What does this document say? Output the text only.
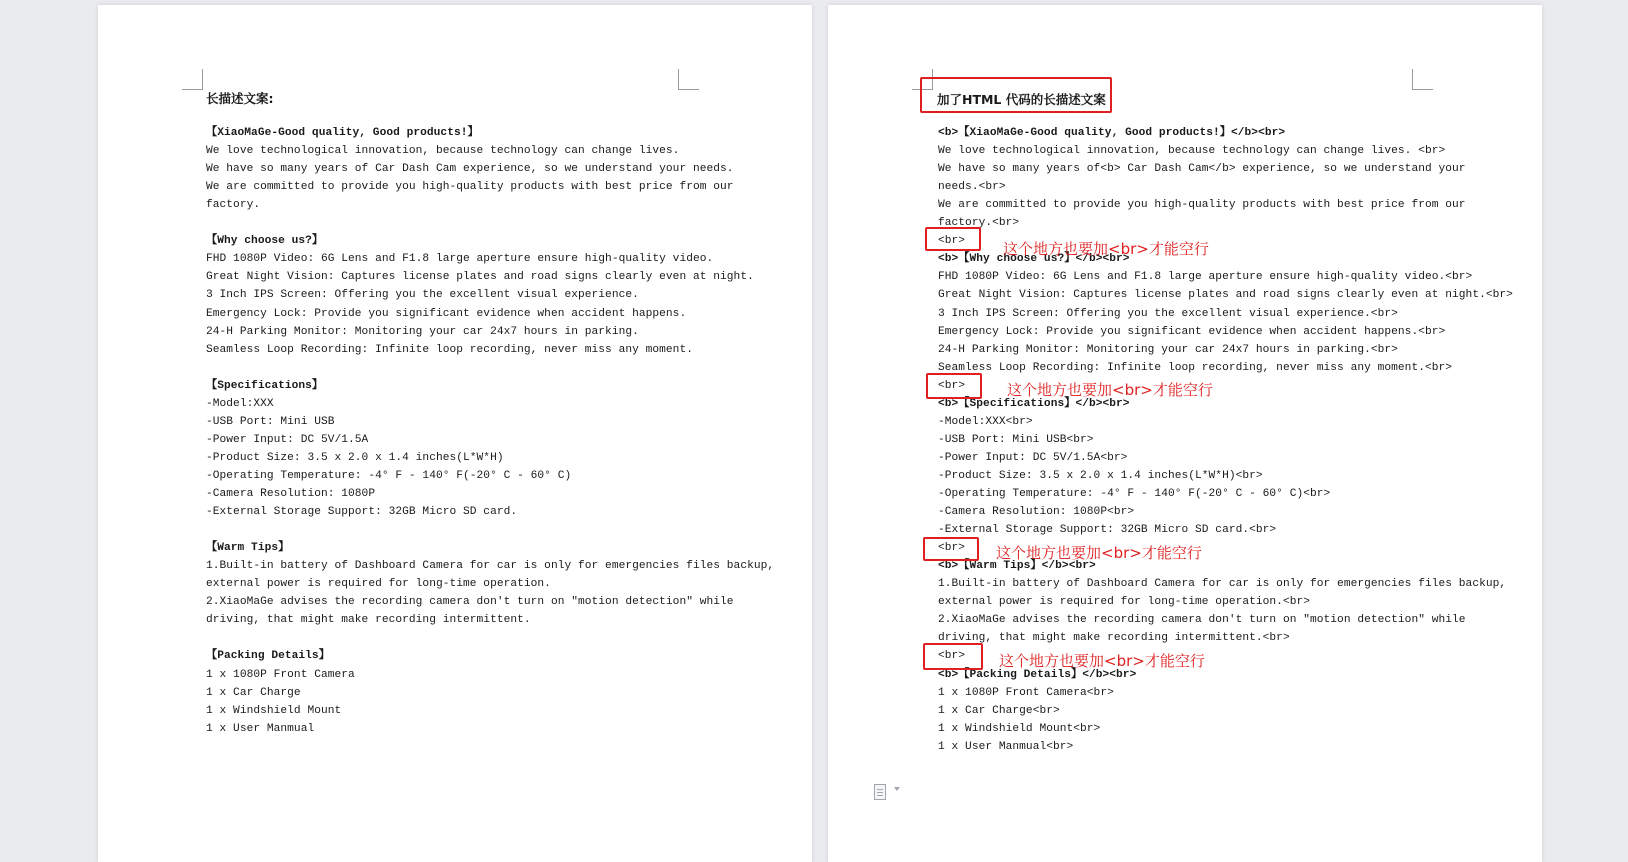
长描述文案:
【XiaoMaGe-Good quality, Good products!】
We love technological innovation, because technology can change lives.
We have so many years of Car Dash Cam experience, so we understand your needs.
We are committed to provide you high-quality products with best price from our
factory.
【Why choose us?】
FHD 1080P Video: 6G Lens and F1.8 large aperture ensure high-quality video.
Great Night Vision: Captures license plates and road signs clearly even at night.
3 Inch IPS Screen: Offering you the excellent visual experience.
Emergency Lock: Provide you significant evidence when accident happens.
24-H Parking Monitor: Monitoring your car 24x7 hours in parking.
Seamless Loop Recording: Infinite loop recording, never miss any moment.
【Specifications】
-Model:XXX
-USB Port: Mini USB
-Power Input: DC 5V/1.5A
-Product Size: 3.5 x 2.0 x 1.4 inches(L*W*H)
-Operating Temperature: -4° F - 140° F(-20° C - 60° C)
-Camera Resolution: 1080P
-External Storage Support: 32GB Micro SD card.
【Warm Tips】
1.Built-in battery of Dashboard Camera for car is only for emergencies files backup,
external power is required for long-time operation.
2.XiaoMaGe advises the recording camera don't turn on "motion detection" while
driving, that might make recording intermittent.
【Packing Details】
1 x 1080P Front Camera
1 x Car Charge
1 x Windshield Mount
1 x User Manmual
加了HTML 代码的长描述文案
<b>【XiaoMaGe-Good quality, Good products!】</b><br>
We love technological innovation, because technology can change lives. <br>
We have so many years of<b> Car Dash Cam</b> experience, so we understand your
needs.<br>
We are committed to provide you high-quality products with best price from our
factory.<br>
<br>
<b>【Why choose us?】</b><br>
FHD 1080P Video: 6G Lens and F1.8 large aperture ensure high-quality video.<br>
Great Night Vision: Captures license plates and road signs clearly even at night.<br>
3 Inch IPS Screen: Offering you the excellent visual experience.<br>
Emergency Lock: Provide you significant evidence when accident happens.<br>
24-H Parking Monitor: Monitoring your car 24x7 hours in parking.<br>
Seamless Loop Recording: Infinite loop recording, never miss any moment.<br>
<br>
<b>【Specifications】</b><br>
-Model:XXX<br>
-USB Port: Mini USB<br>
-Power Input: DC 5V/1.5A<br>
-Product Size: 3.5 x 2.0 x 1.4 inches(L*W*H)<br>
-Operating Temperature: -4° F - 140° F(-20° C - 60° C)<br>
-Camera Resolution: 1080P<br>
-External Storage Support: 32GB Micro SD card.<br>
<br>
<b>【Warm Tips】</b><br>
1.Built-in battery of Dashboard Camera for car is only for emergencies files backup,
external power is required for long-time operation.<br>
2.XiaoMaGe advises the recording camera don't turn on "motion detection" while
driving, that might make recording intermittent.<br>
<br>
<b>【Packing Details】</b><br>
1 x 1080P Front Camera<br>
1 x Car Charge<br>
1 x Windshield Mount<br>
1 x User Manmual<br>
这个地方也要加<br>才能空行
这个地方也要加<br>才能空行
这个地方也要加<br>才能空行
这个地方也要加<br>才能空行
